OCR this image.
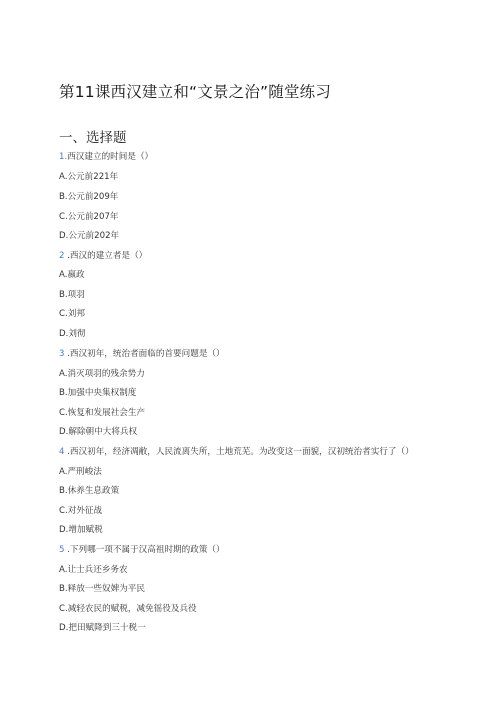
第11课西汉建立和“文景之治”随堂练习
一、选择题
1.西汉建立的时间是（）
A.公元前221年
B.公元前209年
C.公元前207年
D.公元前202年
2 .西汉的建立者是（）
A.嬴政
B.项羽
C.刘邦
D.刘彻
3 .西汉初年，统治者面临的首要问题是（）
A.消灭项羽的残余势力
B.加强中央集权制度
C.恢复和发展社会生产
D.解除朝中大将兵权
4 .西汉初年，经济凋敝，人民流离失所，土地荒芜。为改变这一面貌，汉初统治者实行了（）
A.严刑峻法
B.休养生息政策
C.对外征战
D.增加赋税
5 .下列哪一项不属于汉高祖时期的政策（）
A.让士兵还乡务农
B.释放一些奴婢为平民
C.减轻农民的赋税，减免徭役及兵役
D.把田赋降到三十税一
